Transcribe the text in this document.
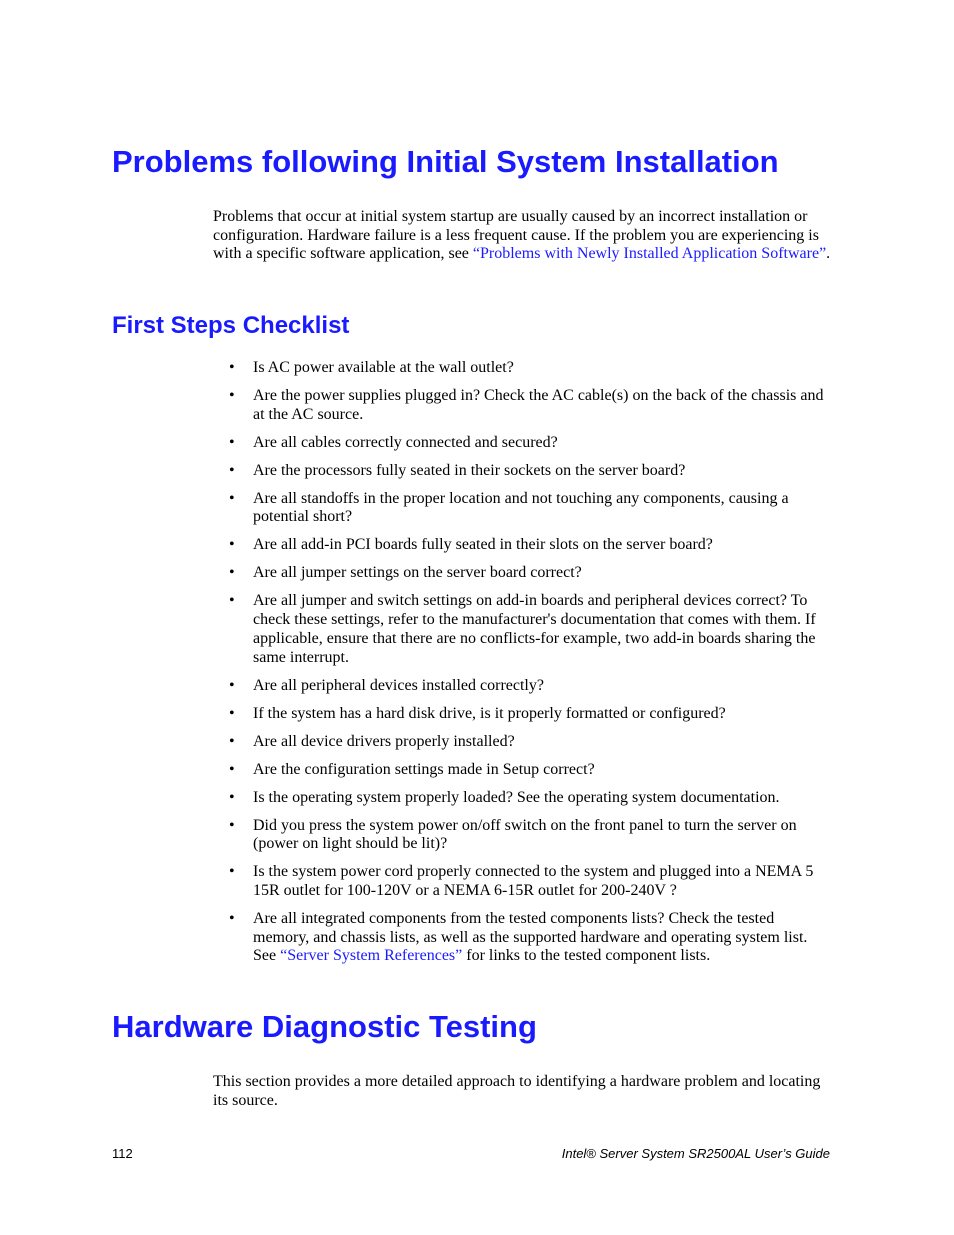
Problems following Initial System Installation

Problems that occur at initial system startup are usually caused by an incorrect installation or configuration. Hardware failure is a less frequent cause. If the problem you are experiencing is with a specific software application, see “Problems with Newly Installed Application Software”.

First Steps Checklist
• Is AC power available at the wall outlet?
• Are the power supplies plugged in? Check the AC cable(s) on the back of the chassis and at the AC source.
• Are all cables correctly connected and secured?
• Are the processors fully seated in their sockets on the server board?
• Are all standoffs in the proper location and not touching any components, causing a potential short?
• Are all add-in PCI boards fully seated in their slots on the server board?
• Are all jumper settings on the server board correct?
• Are all jumper and switch settings on add-in boards and peripheral devices correct? To check these settings, refer to the manufacturer's documentation that comes with them. If applicable, ensure that there are no conflicts-for example, two add-in boards sharing the same interrupt.
• Are all peripheral devices installed correctly?
• If the system has a hard disk drive, is it properly formatted or configured?
• Are all device drivers properly installed?
• Are the configuration settings made in Setup correct?
• Is the operating system properly loaded? See the operating system documentation.
• Did you press the system power on/off switch on the front panel to turn the server on (power on light should be lit)?
• Is the system power cord properly connected to the system and plugged into a NEMA 5 15R outlet for 100-120V or a NEMA 6-15R outlet for 200-240V ?
• Are all integrated components from the tested components lists? Check the tested memory, and chassis lists, as well as the supported hardware and operating system list. See “Server System References” for links to the tested component lists.
Hardware Diagnostic Testing

This section provides a more detailed approach to identifying a hardware problem and locating its source.

112	Intel® Server System SR2500AL User’s Guide
